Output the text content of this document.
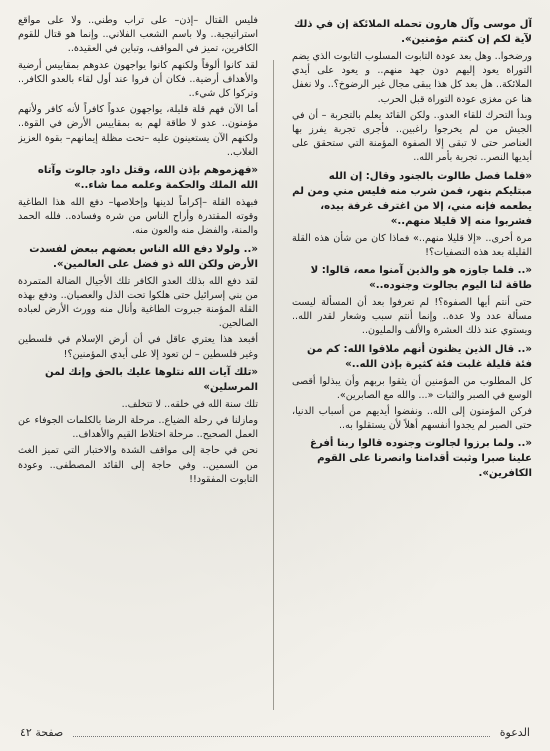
آل موسى وآل هارون تحمله الملائكة إن في ذلك لآية لكم إن كنتم مؤمنين».

ورضخوا.. وهل بعد عودة التابوت المسلوب التابوت الذي يضم التوراة يعود إليهم دون جهد منهم.. و يعود على أيدي الملائكة.. هل بعد كل هذا يبقى مجال غير الرضوخ؟.. ولا نغفل هنا عن مغزى عودة التوراة قبل الحرب.

وبدأ التحرك للقاء العدو.. ولكن القائد يعلم بالتجربة – أن في الجيش من لم يخرجوا راغبين.. فأجرى تجربة يفرز بها العناصر حتى لا تبقى إلا الصفوة المؤمنة التي ستحقق على أيديها النصر.. تجربة بأمر الله..

«فلما فصل طالوت بالجنود وقال: إن الله مبتليكم بنهر، فمن شرب منه فليس مني ومن لم يطعمه فإنه مني، إلا من اغترف غرفة بيده، فشربوا منه إلا قليلا منهم..»

مرة أخرى.. «إلا قليلا منهم..» فماذا كان من شأن هذه القلة القليلة بعد هذه التصفيات؟!

«.. فلما جاوزه هو والذين آمنوا معه، قالوا: لا طاقة لنا اليوم بجالوت وجنوده..»

حتى أنتم أيها الصفوة؟! لم تعرفوا بعد أن المسألة ليست مسألة عدد ولا عدة.. وإنما أنتم سبب وشعار لقدر الله.. ويستوي عند ذلك العشرة والألف والمليون..

«.. قال الذين يظنون أنهم ملاقوا الله: كم من فئة قليلة غلبت فئة كثيرة بإذن الله..»

كل المطلوب من المؤمنين أن يثقوا بربهم وأن يبذلوا أقصى الوسع في الصبر والثبات «... والله مع الصابرين».

فركن المؤمنون إلى الله.. ونفضوا أيديهم من أسباب الدنيا، حتى الصبر لم يجدوا أنفسهم أهلاً لأن يستقلوا به..

«.. ولما برزوا لجالوت وجنوده قالوا ربنا أفرغ علينا صبرا وثبت أقدامنا وانصرنا على القوم الكافرين».

فليس القتال –إذن– على تراب وطني.. ولا على مواقع استراتيجية.. ولا باسم الشعب الفلاني.. وإنما هو قتال للقوم الكافرين، تميز في المواقف، وتباين في العقيدة..

لقد كانوا ألوفاً ولكنهم كانوا يواجهون عدوهم بمقاييس أرضية والأهداف أرضية.. فكان أن فروا عند أول لقاء بالعدو الكافر.. وتركوا كل شيء..

أما الآن فهم قلة قليلة، يواجهون عدواً كافراً لأنه كافر ولأنهم مؤمنون.. عدو لا طاقة لهم به بمقاييس الأرض في القوة.. ولكنهم الآن يستعينون عليه –تحت مظلة إيمانهم– بقوة العزيز الغلاب..

«فهزموهم بإذن الله، وقتل داود جالوت وآتاه الله الملك والحكمة وعلمه مما شاء..»

فبهذه القلة –إكراماً لدينها وإخلاصها– دفع الله هذا الطاغية وقوته المقتدرة وأراح الناس من شره وفساده.. فلله الحمد والمنة، والفضل منه والعون منه.

«.. ولولا دفع الله الناس بعضهم ببعض لفسدت الأرض ولكن الله ذو فضل على العالمين».

لقد دفع الله بذلك العدو الكافر تلك الأجيال الضالة المتمردة من بني إسرائيل حتى هلكوا تحت الذل والعصيان.. ودفع بهذه القلة المؤمنة جبروت الطاغية وأنال منه وورث الأرض لعباده الصالحين.

أفبعد هذا يعتري عاقل في أن أرض الإسلام في فلسطين وغير فلسطين – لن تعود إلا على أيدي المؤمنين؟!

«تلك آيات الله نتلوها عليك بالحق وإنك لمن المرسلين»

تلك سنة الله في خلقه.. لا تتخلف..

ومازلنا في رحلة الضياع.. مرحلة الرضا بالكلمات الجوفاء عن العمل الصحيح.. مرحلة اختلاط القيم والأهداف..

نحن في حاجة إلى مواقف الشدة والاختبار التي تميز الغث من السمين.. وفي حاجة إلى القائد المصطفى.. وعودة التابوت المفقود!!

الدعوة
صفحة ٤٢
